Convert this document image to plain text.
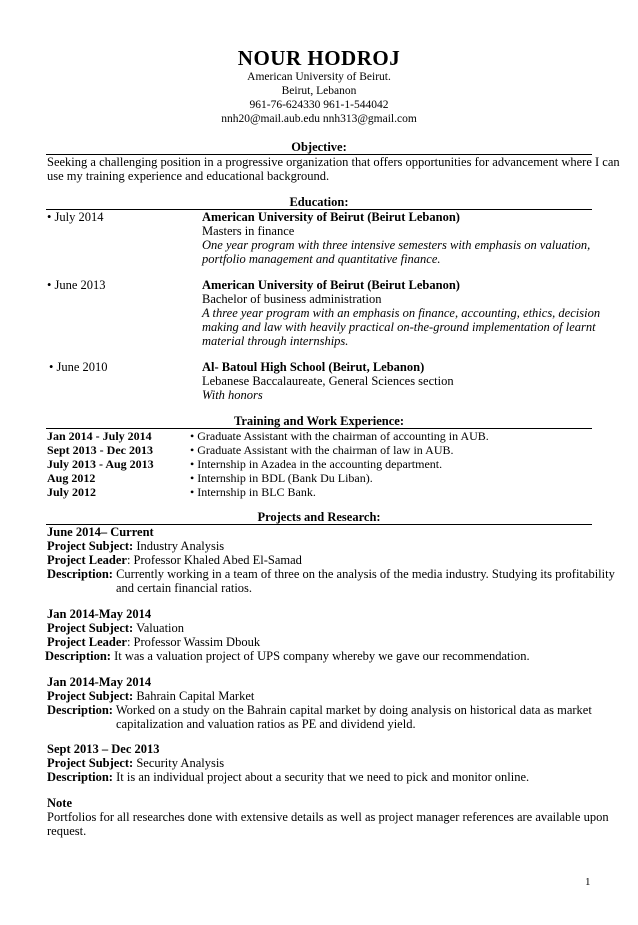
NOUR HODROJ
American University of Beirut.
Beirut, Lebanon
961-76-624330 961-1-544042
nnh20@mail.aub.edu nnh313@gmail.com
Objective:
Seeking a challenging position in a progressive organization that offers opportunities for advancement where I can
use my training experience and educational background.
Education:
• July 2014	American University of Beirut (Beirut Lebanon)
Masters in finance
One year program with three intensive semesters with emphasis on valuation,
portfolio management and quantitative finance.
• June 2013	American University of Beirut (Beirut Lebanon)
Bachelor of business administration
A three year program with an emphasis on finance, accounting, ethics, decision
making and law with heavily practical on-the-ground implementation of learnt
material through internships.
• June 2010	Al- Batoul High School (Beirut, Lebanon)
Lebanese Baccalaureate, General Sciences section
With honors
Training and Work Experience:
Jan 2014 - July 2014	• Graduate Assistant with the chairman of accounting in AUB.
Sept 2013 - Dec 2013	• Graduate Assistant with the chairman of law in AUB.
July 2013 - Aug 2013	• Internship in Azadea in the accounting department.
Aug 2012	• Internship in BDL (Bank Du Liban).
July 2012	• Internship in BLC Bank.
Projects and Research:
June 2014– Current
Project Subject: Industry Analysis
Project Leader: Professor Khaled Abed El-Samad
Description: Currently working in a team of three on the analysis of the media industry. Studying its profitability
and certain financial ratios.
Jan 2014-May 2014
Project Subject: Valuation
Project Leader: Professor Wassim Dbouk
Description: It was a valuation project of UPS company whereby we gave our recommendation.
Jan 2014-May 2014
Project Subject: Bahrain Capital Market
Description: Worked on a study on the Bahrain capital market by doing analysis on historical data as market
capitalization and valuation ratios as PE and dividend yield.
Sept 2013 – Dec 2013
Project Subject: Security Analysis
Description: It is an individual project about a security that we need to pick and monitor online.
Note
Portfolios for all researches done with extensive details as well as project manager references are available upon
request.
1
